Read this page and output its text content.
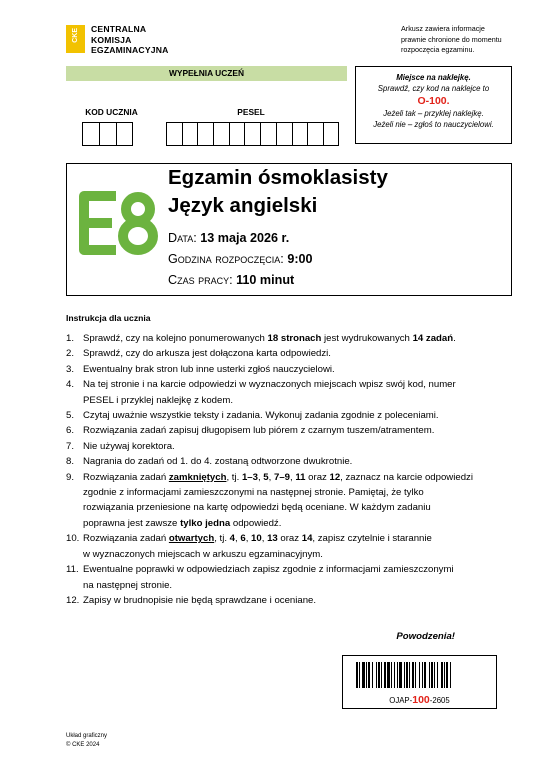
CKE CENTRALNA
KOMISJA
EGZAMINACYJNA
Arkusz zawiera informacje
prawnie chronione do momentu
rozpoczęcia egzaminu.
WYPEŁNIA UCZEŃ
KOD UCZNIA	PESEL
Miejsce na naklejkę.
Sprawdź, czy kod na naklejce to
O-100.
Jeżeli tak – przyklej naklejkę.
Jeżeli nie – zgłoś to nauczycielowi.
E8
Egzamin ósmoklasisty
Język angielski
Data: 13 maja 2026 r.
Godzina rozpoczęcia: 9:00
Czas pracy: 110 minut
Instrukcja dla ucznia
1. Sprawdź, czy na kolejno ponumerowanych 18 stronach jest wydrukowanych 14 zadań.
2. Sprawdź, czy do arkusza jest dołączona karta odpowiedzi.
3. Ewentualny brak stron lub inne usterki zgłoś nauczycielowi.
4. Na tej stronie i na karcie odpowiedzi w wyznaczonych miejscach wpisz swój kod, numer
PESEL i przyklej naklejkę z kodem.
5. Czytaj uważnie wszystkie teksty i zadania. Wykonuj zadania zgodnie z poleceniami.
6. Rozwiązania zadań zapisuj długopisem lub piórem z czarnym tuszem/atramentem.
7. Nie używaj korektora.
8. Nagrania do zadań od 1. do 4. zostaną odtworzone dwukrotnie.
9. Rozwiązania zadań zamkniętych, tj. 1–3, 5, 7–9, 11 oraz 12, zaznacz na karcie odpowiedzi
zgodnie z informacjami zamieszczonymi na następnej stronie. Pamiętaj, że tylko
rozwiązania przeniesione na kartę odpowiedzi będą oceniane. W każdym zadaniu
poprawna jest zawsze tylko jedna odpowiedź.
10. Rozwiązania zadań otwartych, tj. 4, 6, 10, 13 oraz 14, zapisz czytelnie i starannie
w wyznaczonych miejscach w arkuszu egzaminacyjnym.
11. Ewentualne poprawki w odpowiedziach zapisz zgodnie z informacjami zamieszczonymi
na następnej stronie.
12. Zapisy w brudnopisie nie będą sprawdzane i oceniane.
Powodzenia!
OJAP-100-2605
Układ graficzny
© CKE 2024
